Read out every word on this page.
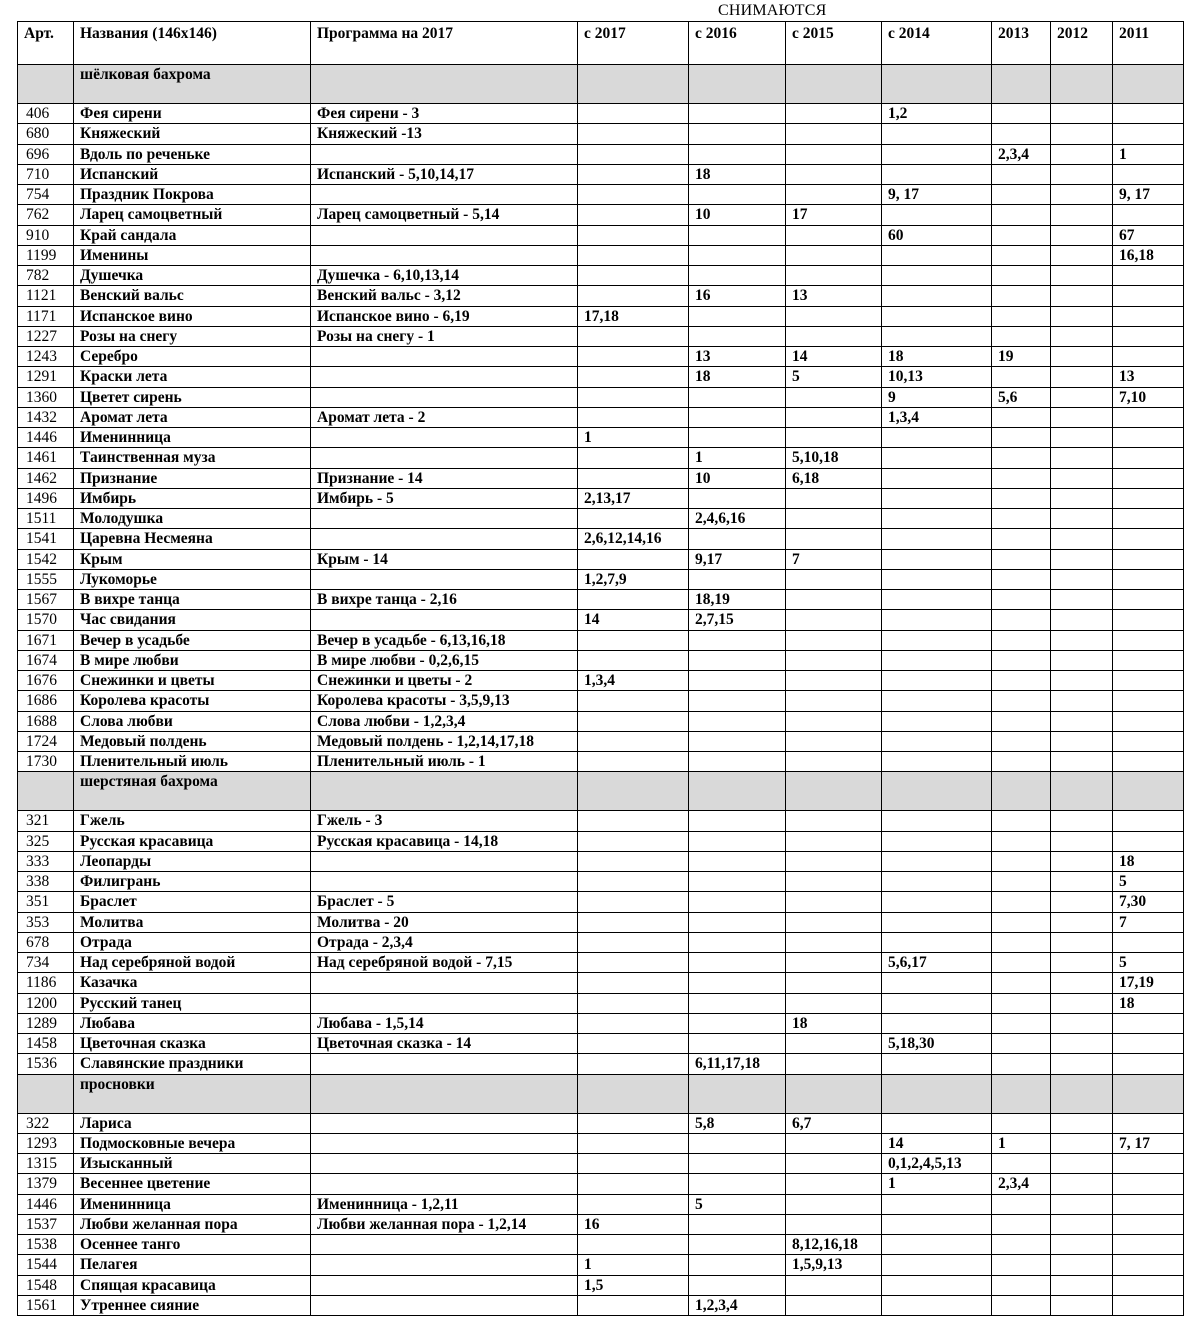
СНИМАЮТСЯ
Арт.	Назвaния (146х146)	Программа на 2017	с 2017	с 2016	с 2015	с 2014	2013	2012	2011
	шёлковая бахрома								
406	Фея сирени	Фея сирени - 3				1,2			
680	Княжеский	Княжеский -13							
696	Вдоль по реченьке						2,3,4		1
710	Испанский	Испанский - 5,10,14,17		18					
754	Праздник Покрова					9, 17			9, 17
762	Ларец самоцветный	Ларец самоцветный - 5,14		10	17				
910	Край сандала					60			67
1199	Именины								16,18
782	Душечка	Душечка - 6,10,13,14							
1121	Венский вальс	Венский вальс - 3,12		16	13				
1171	Испанское вино	Испанское вино - 6,19	17,18						
1227	Розы на снегу	Розы на снегу - 1							
1243	Серебро			13	14	18	19		
1291	Краски лета			18	5	10,13			13
1360	Цветет сирень					9	5,6		7,10
1432	Аромат лета	Аромат лета - 2				1,3,4			
1446	Именинница		1						
1461	Таинственная муза			1	5,10,18				
1462	Признание	Признание - 14		10	6,18				
1496	Имбирь	Имбирь - 5	2,13,17						
1511	Молодушка			2,4,6,16					
1541	Царевна Несмеяна		2,6,12,14,16						
1542	Крым	Крым - 14		9,17	7				
1555	Лукоморье		1,2,7,9						
1567	В вихре танца	В вихре танца - 2,16		18,19					
1570	Час свидания		14	2,7,15					
1671	Вечер в усадьбе	Вечер в усадьбе - 6,13,16,18							
1674	В мире любви	В мире любви - 0,2,6,15							
1676	Снежинки и цветы	Снежинки и цветы - 2	1,3,4						
1686	Королева красоты	Королева красоты - 3,5,9,13							
1688	Слова любви	Слова любви - 1,2,3,4							
1724	Медовый полдень	Медовый полдень - 1,2,14,17,18							
1730	Пленительный июль	Пленительный июль - 1							
	шерстяная бахрома								
321	Гжель	Гжель - 3							
325	Русская красавица	Русская красавица - 14,18							
333	Леопарды								18
338	Филигрань								5
351	Браслет	Браслет - 5							7,30
353	Молитва	Молитва - 20							7
678	Отрада	Отрада - 2,3,4							
734	Над серебряной водой	Над серебряной водой - 7,15				5,6,17			5
1186	Казачка								17,19
1200	Русский танец								18
1289	Любава	Любава - 1,5,14			18				
1458	Цветочная сказка	Цветочная сказка - 14				5,18,30			
1536	Славянские праздники			6,11,17,18					
	просновки								
322	Лариса			5,8	6,7				
1293	Подмосковные вечера					14	1		7, 17
1315	Изысканный					0,1,2,4,5,13			
1379	Весеннее цветение					1	2,3,4		
1446	Именинница	Именинница - 1,2,11		5					
1537	Любви желанная пора	Любви желанная пора - 1,2,14	16						
1538	Осеннее танго				8,12,16,18				
1544	Пелагея		1		1,5,9,13				
1548	Спящая красавица		1,5						
1561	Утреннее сияние			1,2,3,4					
